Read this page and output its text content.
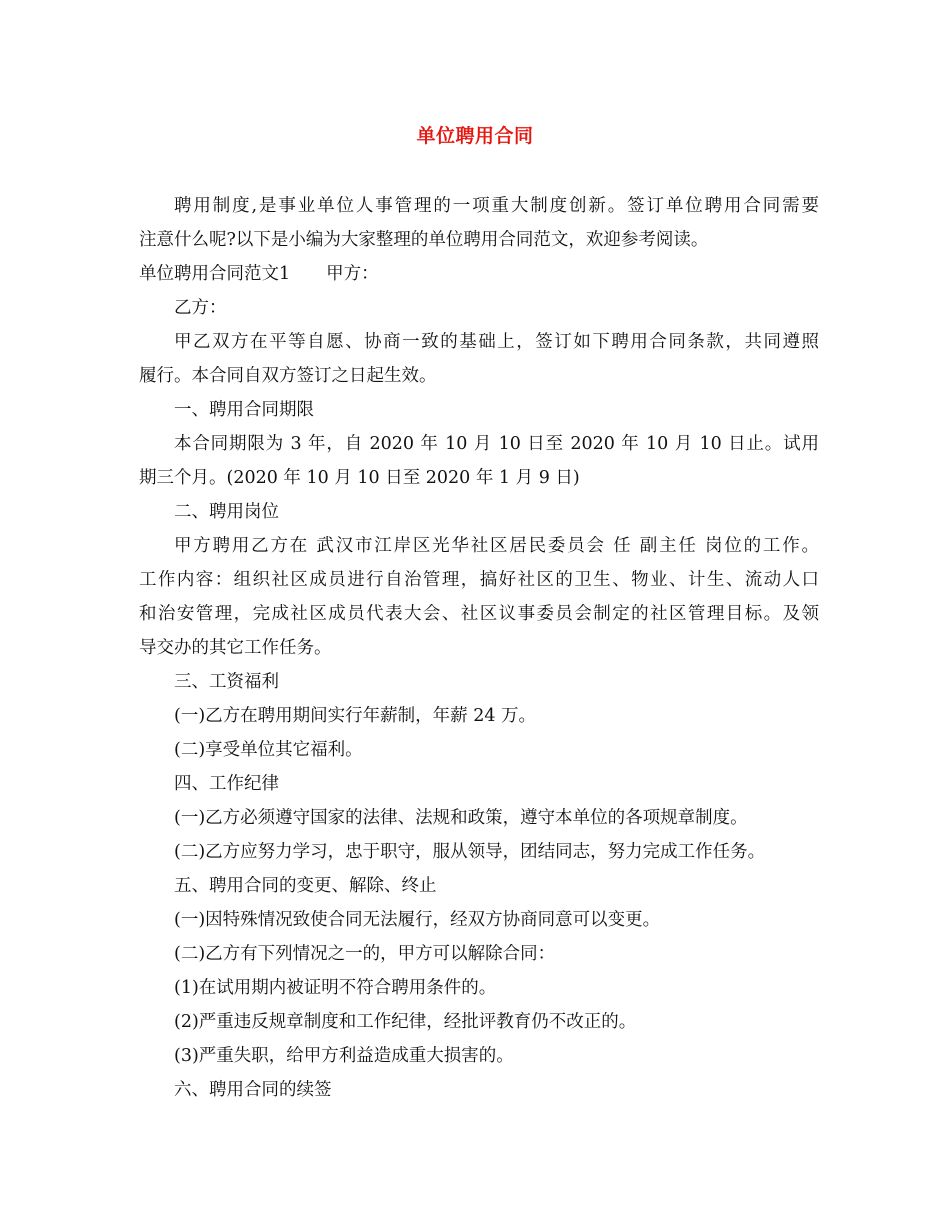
单位聘用合同
聘用制度,是事业单位人事管理的一项重大制度创新。签订单位聘用合同需要
注意什么呢?以下是小编为大家整理的单位聘用合同范文，欢迎参考阅读。
单位聘用合同范文1 甲方：
乙方：
甲乙双方在平等自愿、协商一致的基础上，签订如下聘用合同条款，共同遵照
履行。本合同自双方签订之日起生效。
一、聘用合同期限
本合同期限为 3 年，自 2020 年 10 月 10 日至 2020 年 10 月 10 日止。试用
期三个月。(2020 年 10 月 10 日至 2020 年 1 月 9 日)
二、聘用岗位
甲方聘用乙方在 武汉市江岸区光华社区居民委员会 任 副主任 岗位的工作。
工作内容：组织社区成员进行自治管理，搞好社区的卫生、物业、计生、流动人口
和治安管理，完成社区成员代表大会、社区议事委员会制定的社区管理目标。及领
导交办的其它工作任务。
三、工资福利
(一)乙方在聘用期间实行年薪制，年薪 24 万。
(二)享受单位其它福利。
四、工作纪律
(一)乙方必须遵守国家的法律、法规和政策，遵守本单位的各项规章制度。
(二)乙方应努力学习，忠于职守，服从领导，团结同志，努力完成工作任务。
五、聘用合同的变更、解除、终止
(一)因特殊情况致使合同无法履行，经双方协商同意可以变更。
(二)乙方有下列情况之一的，甲方可以解除合同：
(1)在试用期内被证明不符合聘用条件的。
(2)严重违反规章制度和工作纪律，经批评教育仍不改正的。
(3)严重失职，给甲方利益造成重大损害的。
六、聘用合同的续签
